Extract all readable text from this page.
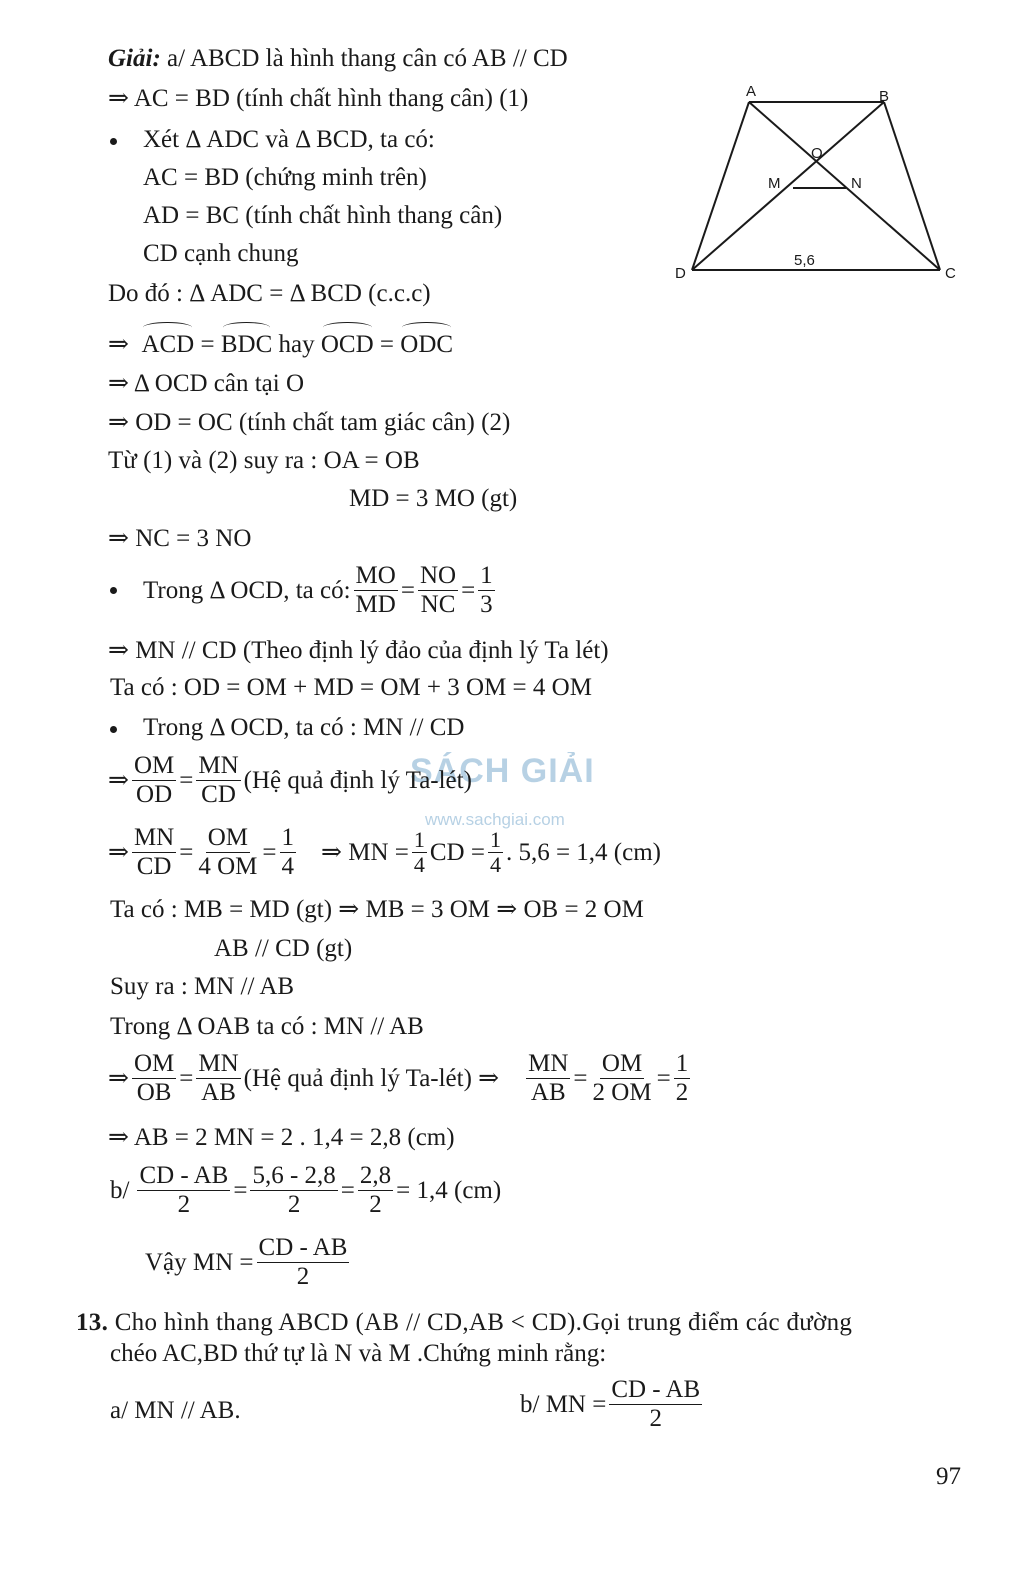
SÁCH GIẢI
www.sachgiai.com
A	B
C
D
O
M	N
5,6
Giải: a/ ABCD là hình thang cân có AB // CD
⇒ AC = BD (tính chất hình thang cân) (1)
Xét Δ ADC và Δ BCD, ta có:
AC = BD (chứng minh trên)
AD = BC (tính chất hình thang cân)
CD cạnh chung
Do đó : Δ ADC = Δ BCD (c.c.c)
⇒ ACD = BDC hay OCD = ODC
⇒ Δ OCD cân tại O
⇒ OD = OC (tính chất tam giác cân) (2)
Từ (1) và (2) suy ra : OA = OB
MD = 3 MO (gt)
⇒ NC = 3 NO
Trong Δ OCD, ta có: $\frac{MO}{MD} = \frac{NO}{NC} = \frac{1}{3}$
⇒ MN // CD (Theo định lý đảo của định lý Ta lét)
Ta có : OD = OM + MD = OM + 3 OM = 4 OM
Trong Δ OCD, ta có : MN // CD
⇒ $\frac{OM}{OD} = \frac{MN}{CD}$ (Hệ quả định lý Ta-lét)
⇒ $\frac{MN}{CD} = \frac{OM}{4 OM} = \frac{1}{4}$ ⇒ MN = $\frac{1}{4}$ CD = $\frac{1}{4}$ . 5,6 = 1,4 (cm)
Ta có : MB = MD (gt) ⇒ MB = 3 OM ⇒ OB = 2 OM
AB // CD (gt)
Suy ra : MN // AB
Trong Δ OAB ta có : MN // AB
⇒ $\frac{OM}{OB} = \frac{MN}{AB}$ (Hệ quả định lý Ta-lét) ⇒ $\frac{MN}{AB} = \frac{OM}{2 OM} = \frac{1}{2}$
⇒ AB = 2 MN = 2 . 1,4 = 2,8 (cm)
$b/ \frac{CD - AB}{2} = \frac{5,6 - 2,8}{2} = \frac{2,8}{2} = 1,4$ (cm)
Vậy MN = $\frac{CD - AB}{2}$
13. Cho hình thang ABCD (AB // CD,AB < CD).Gọi trung điểm các đường
chéo AC,BD thứ tự là N và M .Chứng minh rằng:
a/ MN // AB.	b/ MN = $\frac{CD - AB}{2}$
97
